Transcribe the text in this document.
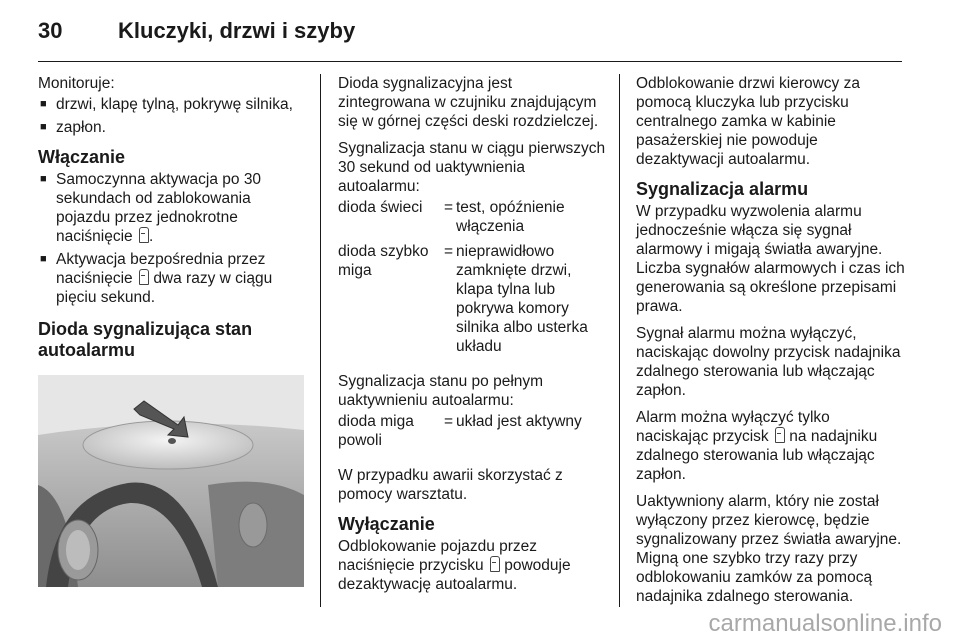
30	Kluczyki, drzwi i szyby

Monitoruje:

■ drzwi, klapę tylną, pokrywę silnika,
■ zapłon.
Włączanie
■ Samoczynna aktywacja po 30 sekundach od zablokowania pojazdu przez jednokrotne naciśnięcie .
■ Aktywacja bezpośrednia przez naciśnięcie dwa razy w ciągu pięciu sekund.
Dioda sygnalizująca stan autoalarmu

Dioda sygnalizacyjna jest zintegrowana w czujniku znajdującym się w górnej części deski rozdzielczej.

Sygnalizacja stanu w ciągu pierwszych 30 sekund od uaktywnienia autoalarmu:

dioda świeci	=	test, opóźnienie włączenia
dioda szybko miga	=	nieprawidłowo zamknięte drzwi, klapa tylna lub pokrywa komory silnika albo usterka układu

Sygnalizacja stanu po pełnym uaktywnieniu autoalarmu:

dioda miga powoli	=	układ jest aktywny

W przypadku awarii skorzystać z pomocy warsztatu.

Wyłączanie

Odblokowanie pojazdu przez naciśnięcie przycisku powoduje dezaktywację autoalarmu.

Odblokowanie drzwi kierowcy za pomocą kluczyka lub przycisku centralnego zamka w kabinie pasażerskiej nie powoduje dezaktywacji autoalarmu.

Sygnalizacja alarmu

W przypadku wyzwolenia alarmu jednocześnie włącza się sygnał alarmowy i migają światła awaryjne. Liczba sygnałów alarmowych i czas ich generowania są określone przepisami prawa.

Sygnał alarmu można wyłączyć, naciskając dowolny przycisk nadajnika zdalnego sterowania lub włączając zapłon.

Alarm można wyłączyć tylko naciskając przycisk na nadajniku zdalnego sterowania lub włączając zapłon.

Uaktywniony alarm, który nie został wyłączony przez kierowcę, będzie sygnalizowany przez światła awaryjne. Migną one szybko trzy razy przy odblokowaniu zamków za pomocą nadajnika zdalnego sterowania.

carmanualsonline.info
